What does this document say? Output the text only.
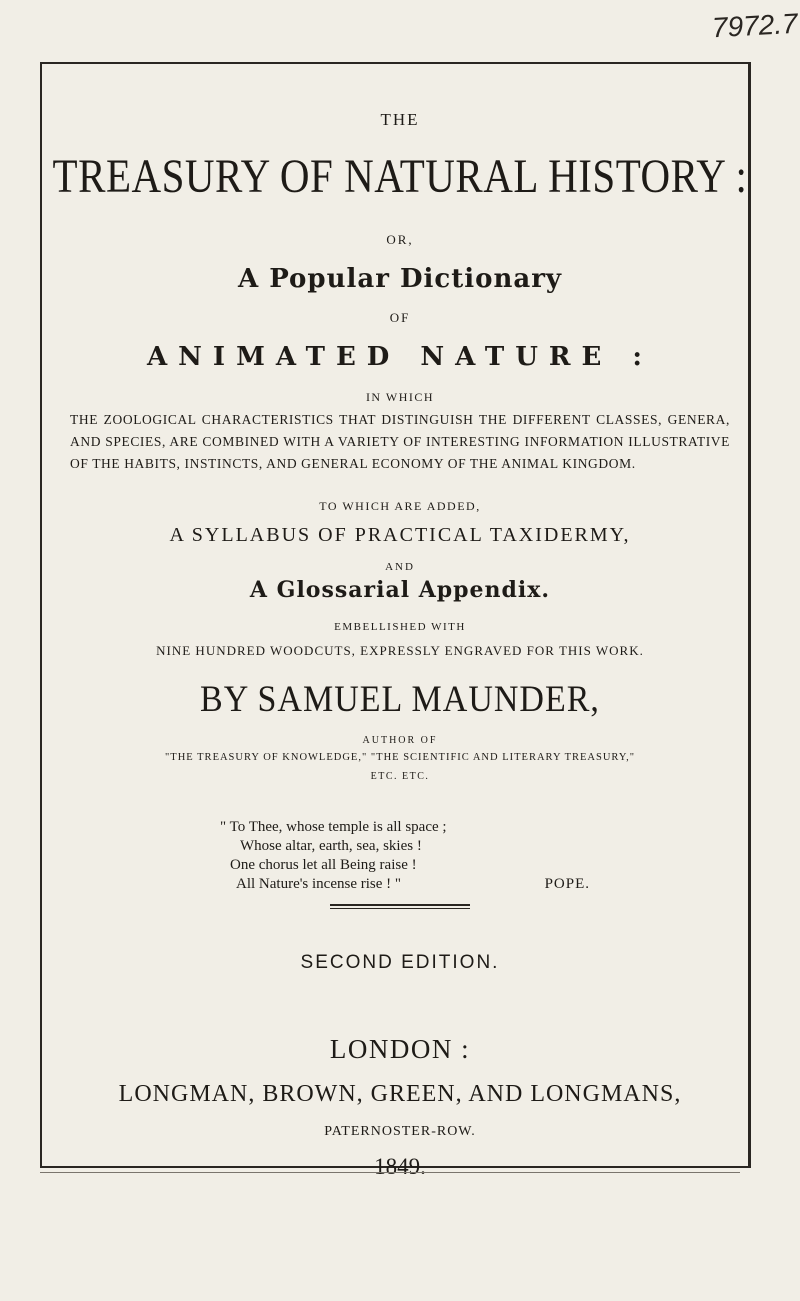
7972.7
THE
TREASURY OF NATURAL HISTORY :
OR,
A Popular Dictionary
OF
ANIMATED NATURE :
IN WHICH

THE ZOOLOGICAL CHARACTERISTICS THAT DISTINGUISH THE DIFFERENT CLASSES, GENERA, AND SPECIES, ARE COMBINED WITH A VARIETY OF INTERESTING INFORMATION ILLUSTRATIVE OF THE HABITS, INSTINCTS, AND GENERAL ECONOMY OF THE ANIMAL KINGDOM.

TO WHICH ARE ADDED,
A SYLLABUS OF PRACTICAL TAXIDERMY,
AND
A Glossarial Appendix.
EMBELLISHED WITH
NINE HUNDRED WOODCUTS, EXPRESSLY ENGRAVED FOR THIS WORK.
BY SAMUEL MAUNDER,
AUTHOR OF
"THE TREASURY OF KNOWLEDGE," "THE SCIENTIFIC AND LITERARY TREASURY,"
ETC. ETC.
" To Thee, whose temple is all space ;
Whose altar, earth, sea, skies !
One chorus let all Being raise !
All Nature's incense rise ! "	POPE.
SECOND EDITION.
LONDON :
LONGMAN, BROWN, GREEN, AND LONGMANS,
PATERNOSTER-ROW.
1849.
